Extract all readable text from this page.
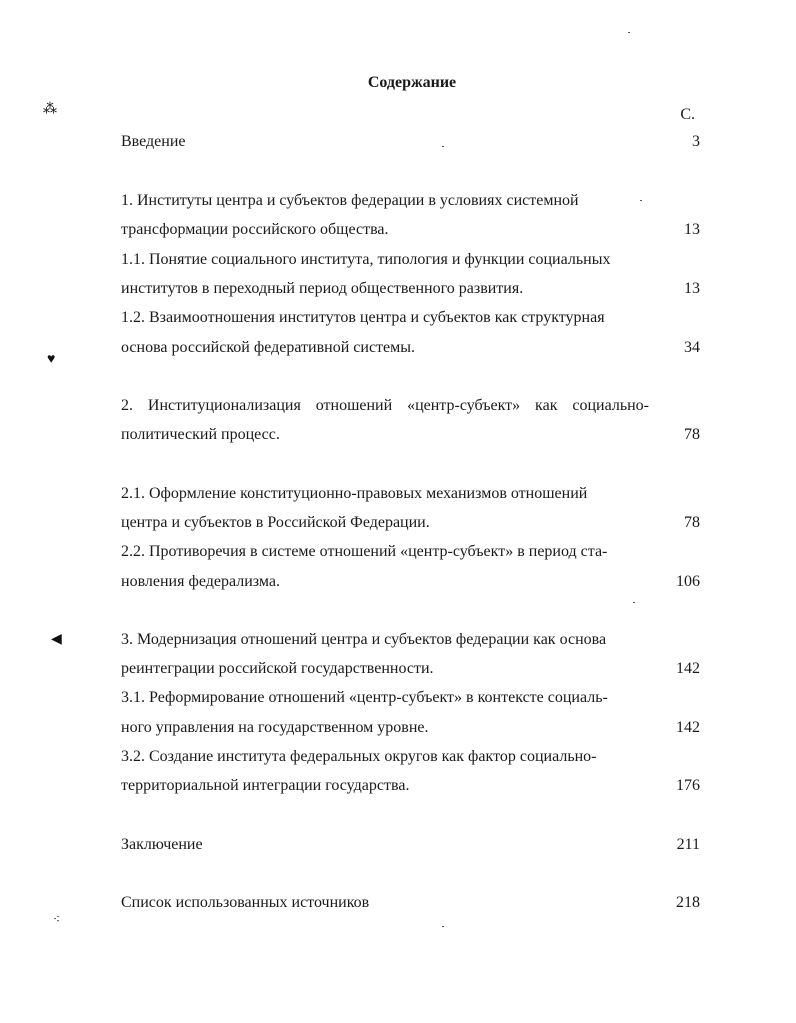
Содержание
С.
Введение	3
1. Институты центра и субъектов федерации в условиях системной
трансформации российского общества.	13
1.1. Понятие социального института, типология и функции социальных
институтов в переходный период общественного развития.	13
1.2. Взаимоотношения институтов центра и субъектов как структурная
основа российской федеративной системы.	34
2. Институционализация отношений «центр-субъект» как социально-
политический процесс.	78
2.1. Оформление конституционно-правовых механизмов отношений
центра и субъектов в Российской Федерации.	78
2.2. Противоречия в системе отношений «центр-субъект» в период ста-
новления федерализма.	106
3. Модернизация отношений центра и субъектов федерации как основа
реинтеграции российской государственности.	142
3.1. Реформирование отношений «центр-субъект» в контексте социаль-
ного управления на государственном уровне.	142
3.2. Создание института федеральных округов как фактор социально-
территориальной интеграции государства.	176
Заключение	211
Список использованных источников	218
⁂
♥
◀
⁖
